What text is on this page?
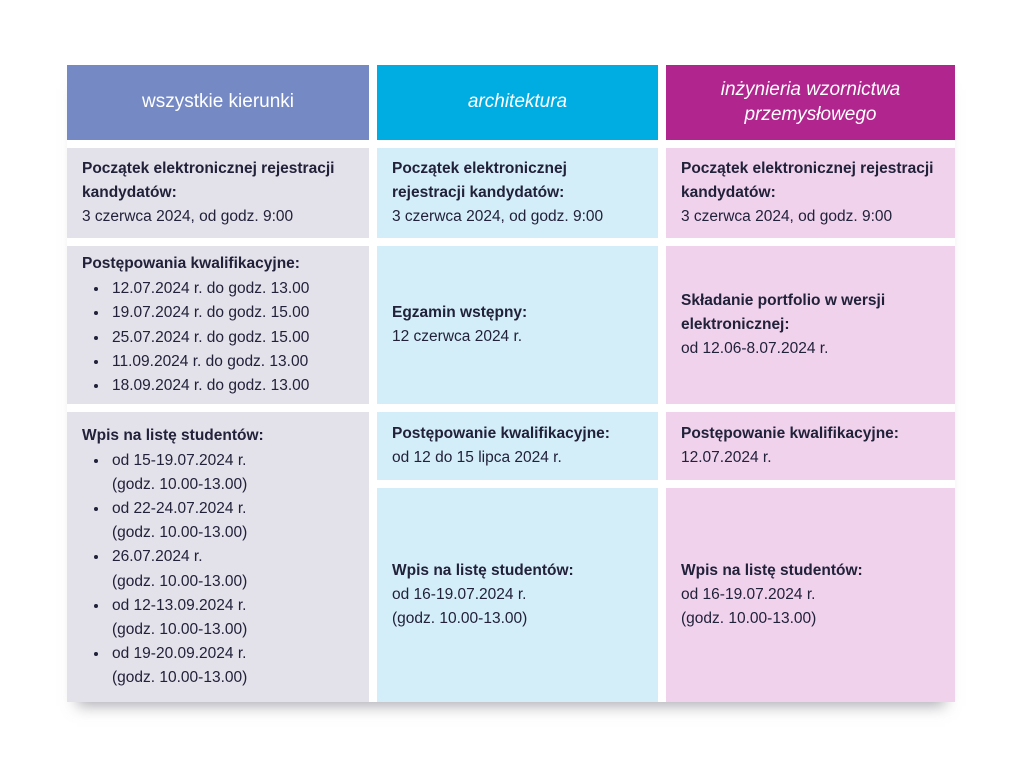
wszystkie kierunki	architektura
inżynieria wzornictwa przemysłowego
Początek elektronicznej rejestracji kandydatów:
3 czerwca 2024, od godz. 9:00
Początek elektronicznej rejestracji kandydatów:
3 czerwca 2024, od godz. 9:00
Początek elektronicznej rejestracji kandydatów:
3 czerwca 2024, od godz. 9:00
Postępowania kwalifikacyjne:
• 12.07.2024 r. do godz. 13.00
• 19.07.2024 r. do godz. 15.00
• 25.07.2024 r. do godz. 15.00
• 11.09.2024 r. do godz. 13.00
• 18.09.2024 r. do godz. 13.00
Egzamin wstępny:
12 czerwca 2024 r.
Składanie portfolio w wersji elektronicznej:
od 12.06-8.07.2024 r.
Wpis na listę studentów:
• od 15-19.07.2024 r.
(godz. 10.00-13.00)
• od 22-24.07.2024 r.
(godz. 10.00-13.00)
• 26.07.2024 r.
(godz. 10.00-13.00)
• od 12-13.09.2024 r.
(godz. 10.00-13.00)
• od 19-20.09.2024 r.
(godz. 10.00-13.00)
Postępowanie kwalifikacyjne:
od 12 do 15 lipca 2024 r.
Postępowanie kwalifikacyjne:
12.07.2024 r.
Wpis na listę studentów:
od 16-19.07.2024 r.
(godz. 10.00-13.00)
Wpis na listę studentów:
od 16-19.07.2024 r.
(godz. 10.00-13.00)
